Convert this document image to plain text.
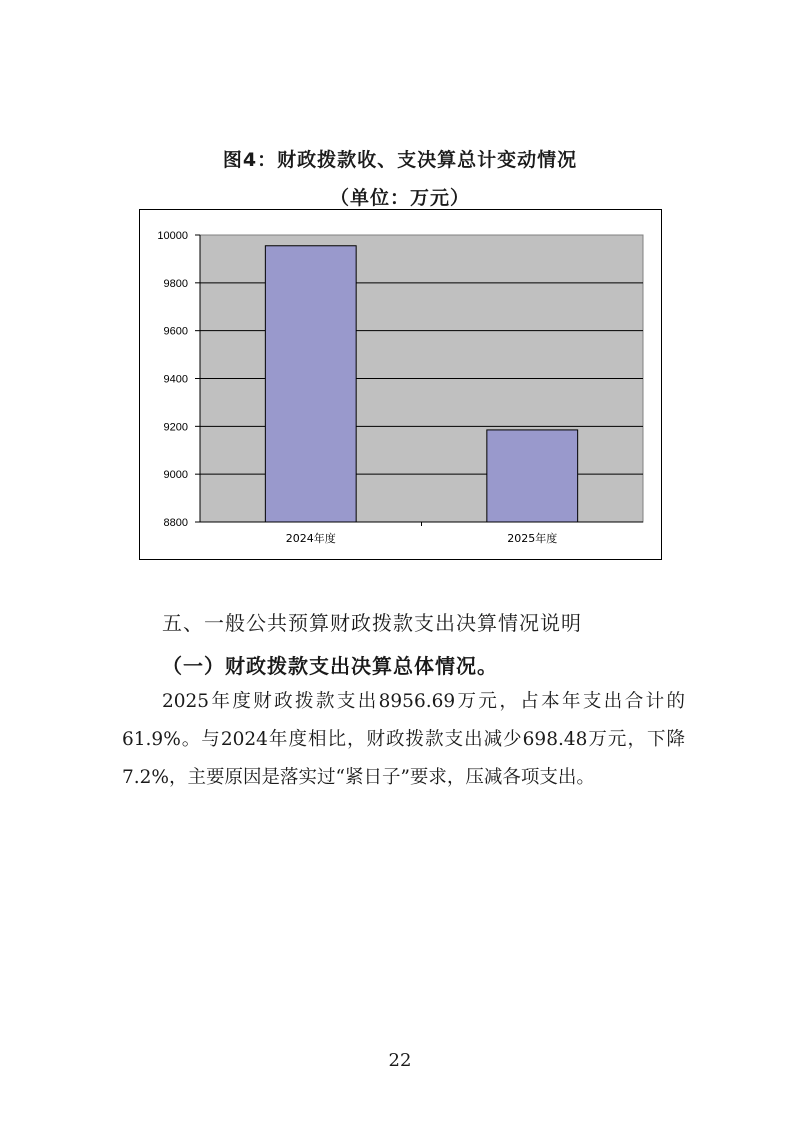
图4：财政拨款收、支决算总计变动情况
（单位：万元）
8800
9000
9200
9400
9600
9800
10000
2024年度	2025年度
五、一般公共预算财政拨款支出决算情况说明
（一）财政拨款支出决算总体情况。

2025年度财政拨款支出8956.69万元，占本年支出合计的61.9%。与2024年度相比，财政拨款支出减少698.48万元，下降7.2%，主要原因是落实过“紧日子”要求，压减各项支出。

22
